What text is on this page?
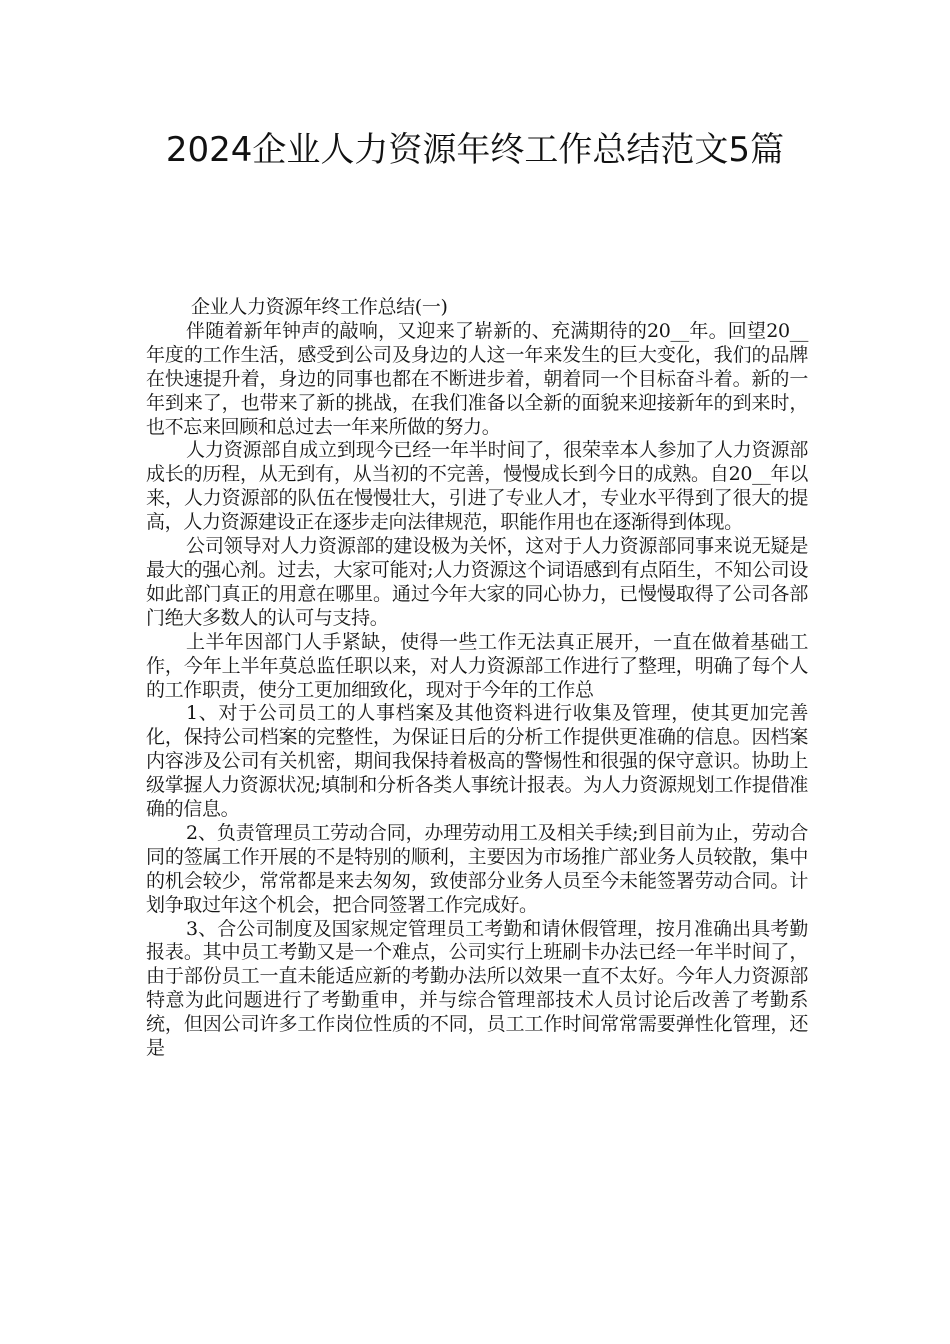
2024企业人力资源年终工作总结范文5篇
企业人力资源年终工作总结(一)

伴随着新年钟声的敲响，又迎来了崭新的、充满期待的20__年。回望20__年度的工作生活，感受到公司及身边的人这一年来发生的巨大变化，我们的品牌在快速提升着，身边的同事也都在不断进步着，朝着同一个目标奋斗着。新的一年到来了，也带来了新的挑战，在我们准备以全新的面貌来迎接新年的到来时，也不忘来回顾和总过去一年来所做的努力。

人力资源部自成立到现今已经一年半时间了，很荣幸本人参加了人力资源部成长的历程，从无到有，从当初的不完善，慢慢成长到今日的成熟。自20__年以来，人力资源部的队伍在慢慢壮大，引进了专业人才，专业水平得到了很大的提高，人力资源建设正在逐步走向法律规范，职能作用也在逐渐得到体现。

公司领导对人力资源部的建设极为关怀，这对于人力资源部同事来说无疑是最大的强心剂。过去，大家可能对;人力资源这个词语感到有点陌生，不知公司设如此部门真正的用意在哪里。通过今年大家的同心协力，已慢慢取得了公司各部门绝大多数人的认可与支持。

上半年因部门人手紧缺，使得一些工作无法真正展开，一直在做着基础工作，今年上半年莫总监任职以来，对人力资源部工作进行了整理，明确了每个人的工作职责，使分工更加细致化，现对于今年的工作总

1、对于公司员工的人事档案及其他资料进行收集及管理，使其更加完善化，保持公司档案的完整性，为保证日后的分析工作提供更准确的信息。因档案内容涉及公司有关机密，期间我保持着极高的警惕性和很强的保守意识。协助上级掌握人力资源状况;填制和分析各类人事统计报表。为人力资源规划工作提借准确的信息。

2、负责管理员工劳动合同，办理劳动用工及相关手续;到目前为止，劳动合同的签属工作开展的不是特别的顺利，主要因为市场推广部业务人员较散，集中的机会较少，常常都是来去匆匆，致使部分业务人员至今未能签署劳动合同。计划争取过年这个机会，把合同签署工作完成好。

3、合公司制度及国家规定管理员工考勤和请休假管理，按月准确出具考勤报表。其中员工考勤又是一个难点，公司实行上班刷卡办法已经一年半时间了，由于部份员工一直未能适应新的考勤办法所以效果一直不太好。今年人力资源部特意为此问题进行了考勤重申，并与综合管理部技术人员讨论后改善了考勤系统，但因公司许多工作岗位性质的不同，员工工作时间常常需要弹性化管理，还是
